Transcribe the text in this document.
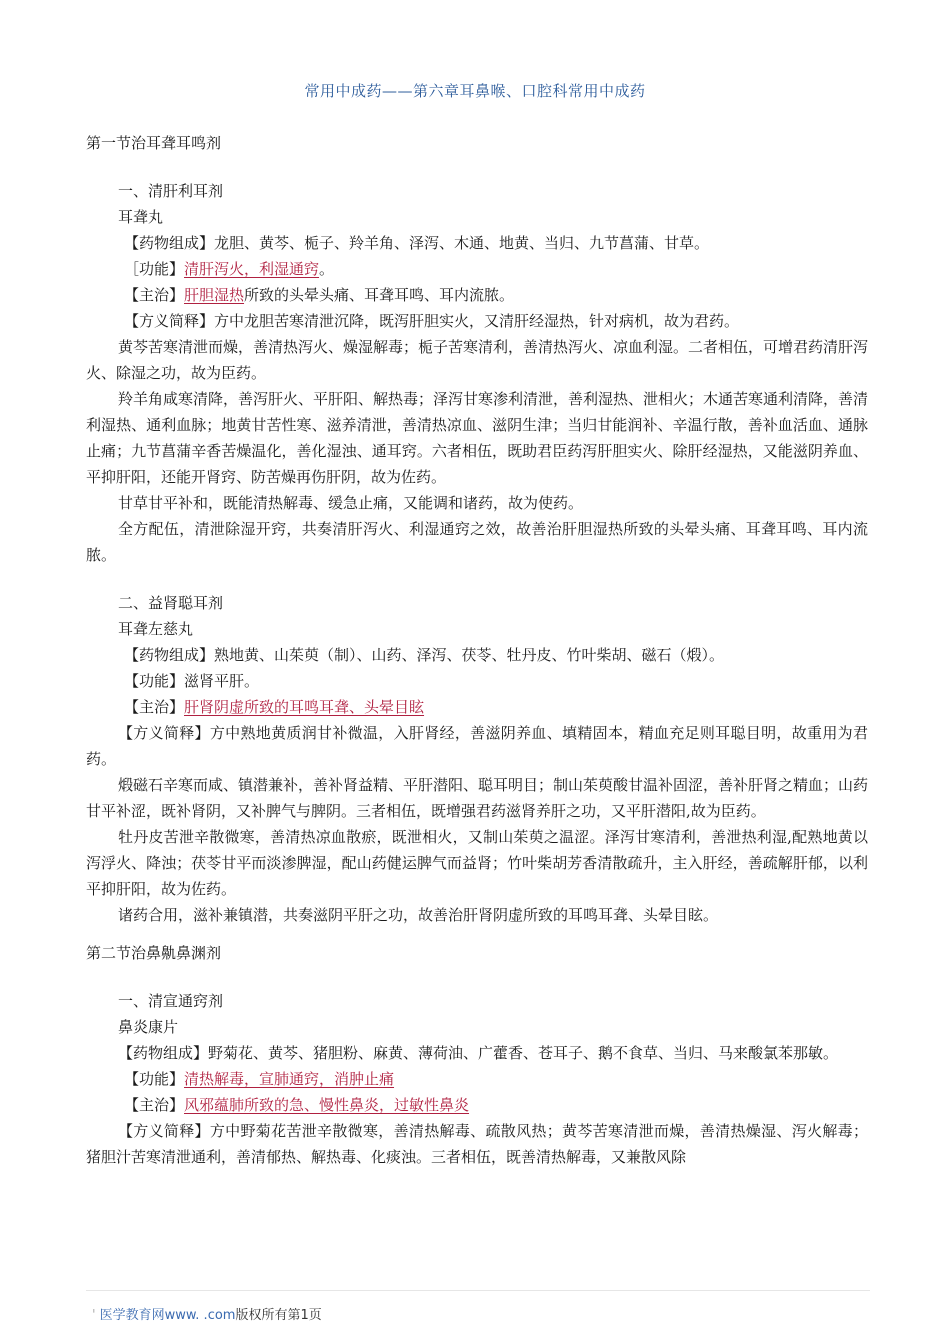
常用中成药——第六章耳鼻喉、口腔科常用中成药
第一节治耳聋耳鸣剂
一、清肝利耳剂
耳聋丸
【药物组成】龙胆、黄芩、栀子、羚羊角、泽泻、木通、地黄、当归、九节菖蒲、甘草。
［功能】清肝泻火，利湿通窍。
【主治】肝胆湿热所致的头晕头痛、耳聋耳鸣、耳内流脓。
【方义简释】方中龙胆苦寒清泄沉降，既泻肝胆实火，又清肝经湿热，针对病机，故为君药。
黄芩苦寒清泄而燥，善清热泻火、燥湿解毒；栀子苦寒清利，善清热泻火、凉血利湿。二者相伍，可增君药清肝泻火、除湿之功，故为臣药。
羚羊角咸寒清降，善泻肝火、平肝阳、解热毒；泽泻甘寒渗利清泄，善利湿热、泄相火；木通苦寒通利清降，善清利湿热、通利血脉；地黄甘苦性寒、滋养清泄，善清热凉血、滋阴生津；当归甘能润补、辛温行散，善补血活血、通脉止痛；九节菖蒲辛香苦燥温化，善化湿浊、通耳窍。六者相伍，既助君臣药泻肝胆实火、除肝经湿热，又能滋阴养血、平抑肝阳，还能开肾窍、防苦燥再伤肝阴，故为佐药。
甘草甘平补和，既能清热解毒、缓急止痛，又能调和诸药，故为使药。
全方配伍，清泄除湿开窍，共奏清肝泻火、利湿通窍之效，故善治肝胆湿热所致的头晕头痛、耳聋耳鸣、耳内流脓。
二、益肾聪耳剂
耳聋左慈丸
【药物组成】熟地黄、山茱萸（制）、山药、泽泻、茯苓、牡丹皮、竹叶柴胡、磁石（煅）。
【功能】滋肾平肝。
【主治】肝肾阴虚所致的耳鸣耳聋、头晕目眩
【方义简释】方中熟地黄质润甘补微温，入肝肾经，善滋阴养血、填精固本，精血充足则耳聪目明，故重用为君药。
煅磁石辛寒而咸、镇潜兼补，善补肾益精、平肝潜阳、聪耳明目；制山茱萸酸甘温补固涩，善补肝肾之精血；山药甘平补涩，既补肾阴，又补脾气与脾阴。三者相伍，既增强君药滋肾养肝之功，又平肝潜阳,故为臣药。
牡丹皮苦泄辛散微寒，善清热凉血散瘀，既泄相火，又制山茱萸之温涩。泽泻甘寒清利，善泄热利湿,配熟地黄以泻浮火、降浊；茯苓甘平而淡渗脾湿，配山药健运脾气而益肾；竹叶柴胡芳香清散疏升，主入肝经，善疏解肝郁，以利平抑肝阳，故为佐药。
诸药合用，滋补兼镇潜，共奏滋阴平肝之功，故善治肝肾阴虚所致的耳鸣耳聋、头晕目眩。
第二节治鼻鼽鼻渊剂
一、清宣通窍剂
鼻炎康片
【药物组成】野菊花、黄芩、猪胆粉、麻黄、薄荷油、广藿香、苍耳子、鹅不食草、当归、马来酸氯苯那敏。
【功能】清热解毒，宣肺通窍，消肿止痛
【主治】风邪蕴肺所致的急、慢性鼻炎，过敏性鼻炎
【方义简释】方中野菊花苦泄辛散微寒，善清热解毒、疏散风热；黄芩苦寒清泄而燥，善清热燥湿、泻火解毒；猪胆汁苦寒清泄通利，善清郁热、解热毒、化痰浊。三者相伍，既善清热解毒，又兼散风除
' 医学教育网www. .com版权所有第1页
